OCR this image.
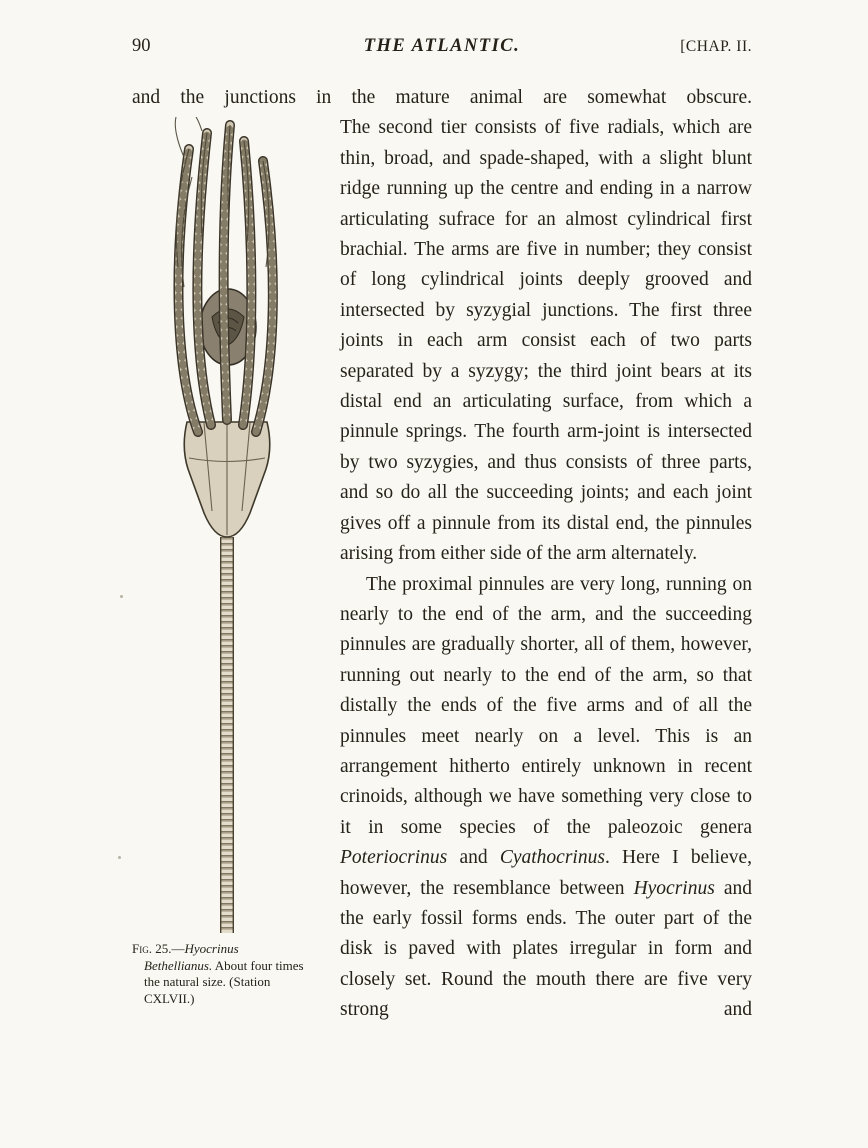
90	THE ATLANTIC.	[CHAP. II.
and the junctions in the mature animal are somewhat obscure.
Fig. 25.—Hyocrinus Bethellianus. About four times the natural size. (Station CXLVII.)

The second tier consists of five radials, which are thin, broad, and spade-shaped, with a slight blunt ridge running up the centre and ending in a narrow articulating sufrace for an almost cylindrical first brachial. The arms are five in number; they consist of long cylindrical joints deeply grooved and intersected by syzygial junctions. The first three joints in each arm consist each of two parts separated by a syzygy; the third joint bears at its distal end an articulating surface, from which a pinnule springs. The fourth arm-joint is intersected by two syzygies, and thus consists of three parts, and so do all the succeeding joints; and each joint gives off a pinnule from its distal end, the pinnules arising from either side of the arm alternately.

The proximal pinnules are very long, running on nearly to the end of the arm, and the succeeding pinnules are gradually shorter, all of them, however, running out nearly to the end of the arm, so that distally the ends of the five arms and of all the pinnules meet nearly on a level. This is an arrangement hitherto entirely unknown in recent crinoids, although we have something very close to it in some species of the paleozoic genera Poteriocrinus and Cyathocrinus. Here I believe, however, the resemblance between Hyocrinus and the early fossil forms ends. The outer part of the disk is paved with plates irregular in form and closely set. Round the mouth there are five very strong and
